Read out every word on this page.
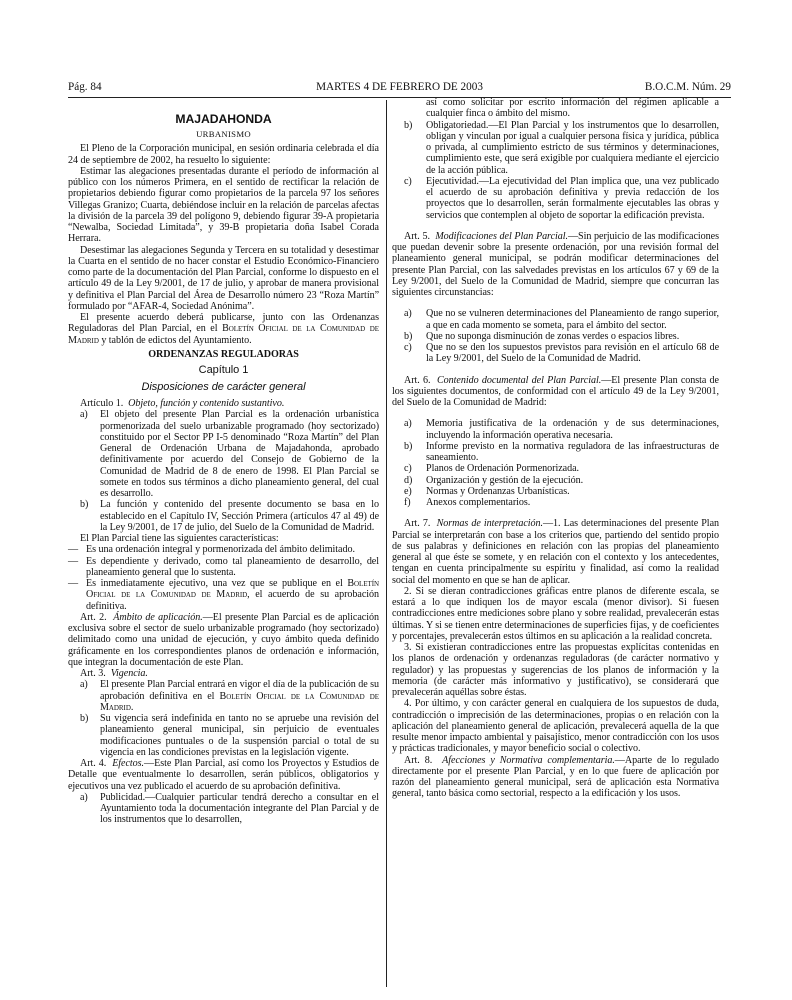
Pág. 84	MARTES 4 DE FEBRERO DE 2003	B.O.C.M. Núm. 29
MAJADAHONDA
URBANISMO

El Pleno de la Corporación municipal, en sesión ordinaria celebrada el día 24 de septiembre de 2002, ha resuelto lo siguiente:

Estimar las alegaciones presentadas durante el período de información al público con los números Primera, en el sentido de rectificar la relación de propietarios debiendo figurar como propietarios de la parcela 97 los señores Villegas Granizo; Cuarta, debiéndose incluir en la relación de parcelas afectas la división de la parcela 39 del polígono 9, debiendo figurar 39-A propietaria “Newalba, Sociedad Limitada”, y 39-B propietaria doña Isabel Corada Herrara.

Desestimar las alegaciones Segunda y Tercera en su totalidad y desestimar la Cuarta en el sentido de no hacer constar el Estudio Económico-Financiero como parte de la documentación del Plan Parcial, conforme lo dispuesto en el artículo 49 de la Ley 9/2001, de 17 de julio, y aprobar de manera provisional y definitiva el Plan Parcial del Área de Desarrollo número 23 “Roza Martín” formulado por “AFAR-4, Sociedad Anónima”.

El presente acuerdo deberá publicarse, junto con las Ordenanzas Reguladoras del Plan Parcial, en el Boletín Oficial de la Comunidad de Madrid y tablón de edictos del Ayuntamiento.

ORDENANZAS REGULADORAS
Capítulo 1
Disposiciones de carácter general

Artículo 1. Objeto, función y contenido sustantivo.

a)	El objeto del presente Plan Parcial es la ordenación urbanística pormenorizada del suelo urbanizable programado (hoy sectorizado) constituido por el Sector PP I-5 denominado “Roza Martín” del Plan General de Ordenación Urbana de Majadahonda, aprobado definitivamente por acuerdo del Consejo de Gobierno de la Comunidad de Madrid de 8 de enero de 1998. El Plan Parcial se somete en todos sus términos a dicho planeamiento general, del cual es desarrollo.
b)	La función y contenido del presente documento se basa en lo establecido en el Capítulo IV, Sección Primera (artículos 47 al 49) de la Ley 9/2001, de 17 de julio, del Suelo de la Comunidad de Madrid.

El Plan Parcial tiene las siguientes características:

— Es una ordenación integral y pormenorizada del ámbito delimitado.
— Es dependiente y derivado, como tal planeamiento de desarrollo, del planeamiento general que lo sustenta.
— Es inmediatamente ejecutivo, una vez que se publique en el Boletín Oficial de la Comunidad de Madrid, el acuerdo de su aprobación definitiva.

Art. 2. Ámbito de aplicación.—El presente Plan Parcial es de aplicación exclusiva sobre el sector de suelo urbanizable programado (hoy sectorizado) delimitado como una unidad de ejecución, y cuyo ámbito queda definido gráficamente en los correspondientes planos de ordenación e información, que integran la documentación de este Plan.

Art. 3. Vigencia.

a)	El presente Plan Parcial entrará en vigor el día de la publicación de su aprobación definitiva en el Boletín Oficial de la Comunidad de Madrid.
b)	Su vigencia será indefinida en tanto no se apruebe una revisión del planeamiento general municipal, sin perjuicio de eventuales modificaciones puntuales o de la suspensión parcial o total de su vigencia en las condiciones previstas en la legislación vigente.

Art. 4. Efectos.—Este Plan Parcial, así como los Proyectos y Estudios de Detalle que eventualmente lo desarrollen, serán públicos, obligatorios y ejecutivos una vez publicado el acuerdo de su aprobación definitiva.

a)	Publicidad.—Cualquier particular tendrá derecho a consultar en el Ayuntamiento toda la documentación integrante del Plan Parcial y de los instrumentos que lo desarrollen,
así como solicitar por escrito información del régimen aplicable a cualquier finca o ámbito del mismo.
b)	Obligatoriedad.—El Plan Parcial y los instrumentos que lo desarrollen, obligan y vinculan por igual a cualquier persona física y jurídica, pública o privada, al cumplimiento estricto de sus términos y determinaciones, cumplimiento este, que será exigible por cualquiera mediante el ejercicio de la acción pública.
c)	Ejecutividad.—La ejecutividad del Plan implica que, una vez publicado el acuerdo de su aprobación definitiva y previa redacción de los proyectos que lo desarrollen, serán formalmente ejecutables las obras y servicios que contemplen al objeto de soportar la edificación prevista.

Art. 5. Modificaciones del Plan Parcial.—Sin perjuicio de las modificaciones que puedan devenir sobre la presente ordenación, por una revisión formal del planeamiento general municipal, se podrán modificar determinaciones del presente Plan Parcial, con las salvedades previstas en los artículos 67 y 69 de la Ley 9/2001, del Suelo de la Comunidad de Madrid, siempre que concurran las siguientes circunstancias:

a)	Que no se vulneren determinaciones del Planeamiento de rango superior, a que en cada momento se someta, para el ámbito del sector.
b)	Que no suponga disminución de zonas verdes o espacios libres.
c)	Que no se den los supuestos previstos para revisión en el artículo 68 de la Ley 9/2001, del Suelo de la Comunidad de Madrid.

Art. 6. Contenido documental del Plan Parcial.—El presente Plan consta de los siguientes documentos, de conformidad con el artículo 49 de la Ley 9/2001, del Suelo de la Comunidad de Madrid:

a)	Memoria justificativa de la ordenación y de sus determinaciones, incluyendo la información operativa necesaria.
b)	Informe previsto en la normativa reguladora de las infraestructuras de saneamiento.
c)	Planos de Ordenación Pormenorizada.
d)	Organización y gestión de la ejecución.
e)	Normas y Ordenanzas Urbanísticas.
f)	Anexos complementarios.

Art. 7. Normas de interpretación.—1. Las determinaciones del presente Plan Parcial se interpretarán con base a los criterios que, partiendo del sentido propio de sus palabras y definiciones en relación con las propias del planeamiento general al que éste se somete, y en relación con el contexto y los antecedentes, tengan en cuenta principalmente su espíritu y finalidad, así como la realidad social del momento en que se han de aplicar.

2. Si se dieran contradicciones gráficas entre planos de diferente escala, se estará a lo que indiquen los de mayor escala (menor divisor). Si fuesen contradicciones entre mediciones sobre plano y sobre realidad, prevalecerán estas últimas. Y si se tienen entre determinaciones de superficies fijas, y de coeficientes y porcentajes, prevalecerán estos últimos en su aplicación a la realidad concreta.

3. Si existieran contradicciones entre las propuestas explícitas contenidas en los planos de ordenación y ordenanzas reguladoras (de carácter normativo y regulador) y las propuestas y sugerencias de los planos de información y la memoria (de carácter más informativo y justificativo), se considerará que prevalecerán aquéllas sobre éstas.

4. Por último, y con carácter general en cualquiera de los supuestos de duda, contradicción o imprecisión de las determinaciones, propias o en relación con la aplicación del planeamiento general de aplicación, prevalecerá aquella de la que resulte menor impacto ambiental y paisajístico, menor contradicción con los usos y prácticas tradicionales, y mayor beneficio social o colectivo.

Art. 8. Afecciones y Normativa complementaria.—Aparte de lo regulado directamente por el presente Plan Parcial, y en lo que fuere de aplicación por razón del planeamiento general municipal, será de aplicación esta Normativa general, tanto básica como sectorial, respecto a la edificación y los usos.
